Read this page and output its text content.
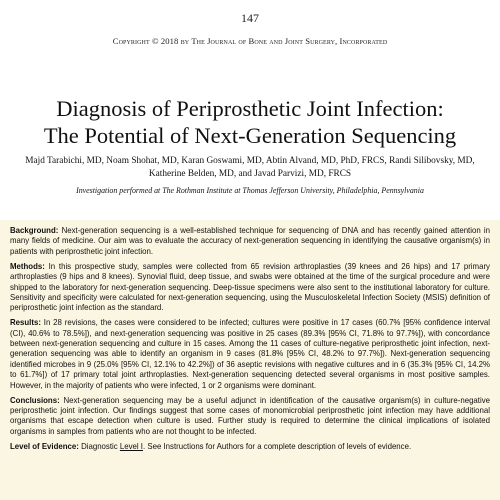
147
Copyright © 2018 by The Journal of Bone and Joint Surgery, Incorporated
Diagnosis of Periprosthetic Joint Infection:
The Potential of Next-Generation Sequencing
Majd Tarabichi, MD, Noam Shohat, MD, Karan Goswami, MD, Abtin Alvand, MD, PhD, FRCS, Randi Silibovsky, MD,
Katherine Belden, MD, and Javad Parvizi, MD, FRCS
Investigation performed at The Rothman Institute at Thomas Jefferson University, Philadelphia, Pennsylvania

Background: Next-generation sequencing is a well-established technique for sequencing of DNA and has recently gained attention in many fields of medicine. Our aim was to evaluate the accuracy of next-generation sequencing in identifying the causative organism(s) in patients with periprosthetic joint infection.

Methods: In this prospective study, samples were collected from 65 revision arthroplasties (39 knees and 26 hips) and 17 primary arthroplasties (9 hips and 8 knees). Synovial fluid, deep tissue, and swabs were obtained at the time of the surgical procedure and were shipped to the laboratory for next-generation sequencing. Deep-tissue specimens were also sent to the institutional laboratory for culture. Sensitivity and specificity were calculated for next-generation sequencing, using the Musculoskeletal Infection Society (MSIS) definition of periprosthetic joint infection as the standard.

Results: In 28 revisions, the cases were considered to be infected; cultures were positive in 17 cases (60.7% [95% confidence interval (CI), 40.6% to 78.5%]), and next-generation sequencing was positive in 25 cases (89.3% [95% CI, 71.8% to 97.7%]), with concordance between next-generation sequencing and culture in 15 cases. Among the 11 cases of culture-negative periprosthetic joint infection, next-generation sequencing was able to identify an organism in 9 cases (81.8% [95% CI, 48.2% to 97.7%]). Next-generation sequencing identified microbes in 9 (25.0% [95% CI, 12.1% to 42.2%]) of 36 aseptic revisions with negative cultures and in 6 (35.3% [95% CI, 14.2% to 61.7%]) of 17 primary total joint arthroplasties. Next-generation sequencing detected several organisms in most positive samples. However, in the majority of patients who were infected, 1 or 2 organisms were dominant.

Conclusions: Next-generation sequencing may be a useful adjunct in identification of the causative organism(s) in culture-negative periprosthetic joint infection. Our findings suggest that some cases of monomicrobial periprosthetic joint infection may have additional organisms that escape detection when culture is used. Further study is required to determine the clinical implications of isolated organisms in samples from patients who are not thought to be infected.

Level of Evidence: Diagnostic Level I. See Instructions for Authors for a complete description of levels of evidence.
